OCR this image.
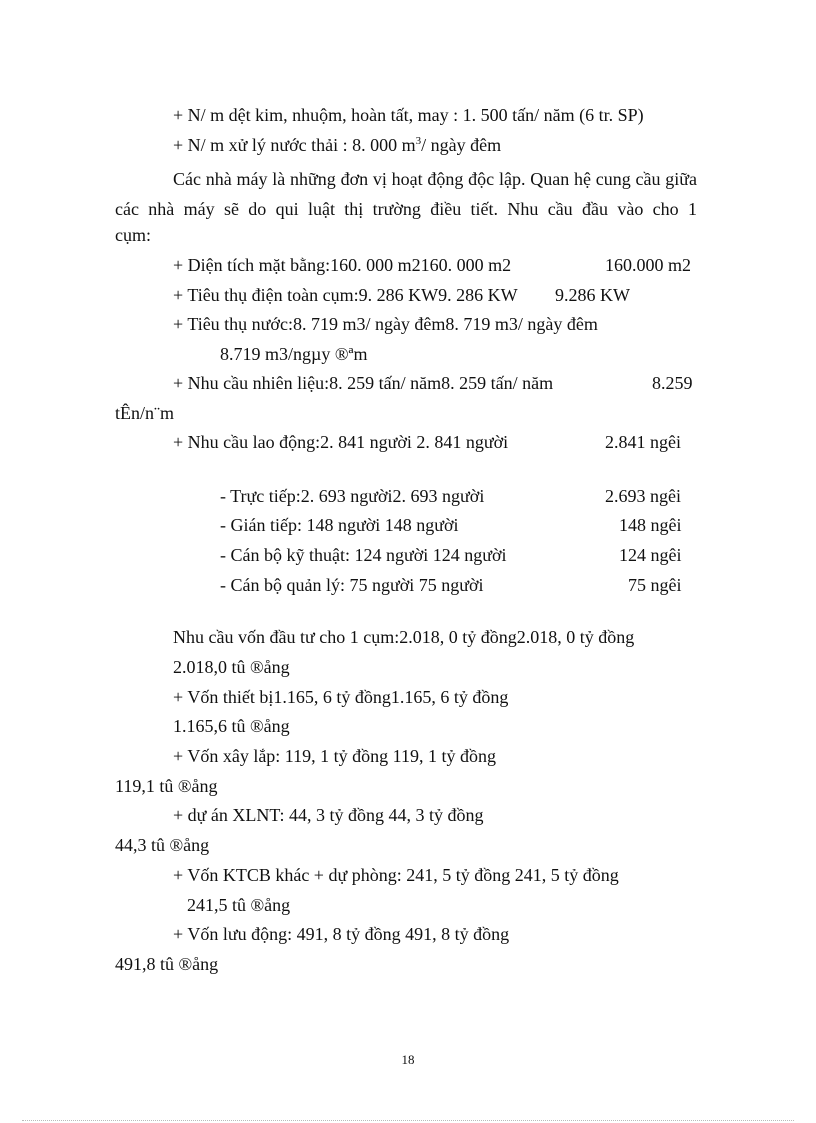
+ N/ m dệt kim, nhuộm, hoàn tất, may : 1. 500 tấn/ năm (6 tr. SP)
+ N/ m xử lý nước thải : 8. 000 $m^3/$ ngày đêm
Các nhà máy là những đơn vị hoạt động độc lập. Quan hệ cung cầu giữa các nhà máy sẽ do qui luật thị trường điều tiết. Nhu cầu đầu vào cho 1
cụm:
+ Diện tích mặt bằng:160. 000 m2160. 000 m2	160.000 m2
+ Tiêu thụ điện toàn cụm:9. 286 KW9. 286 KW 9.286 KW
+ Tiêu thụ nước:8. 719 m3/ ngày đêm8. 719 m3/ ngày đêm
8.719 m3/ngµy ®ªm
+ Nhu cầu nhiên liệu:8. 259 tấn/ năm8. 259 tấn/ năm	8.259
tÊn/n¨m
+ Nhu cầu lao động:2. 841 người 2. 841 người	2.841 ngêi
- Trực tiếp:2. 693 người2. 693 người	2.693 ngêi
- Gián tiếp: 148 người 148 người	148 ngêi
- Cán bộ kỹ thuật: 124 người 124 người	124 ngêi
- Cán bộ quản lý: 75 người 75 người	75 ngêi
Nhu cầu vốn đầu tư cho 1 cụm:2.018, 0 tỷ đồng2.018, 0 tỷ đồng
2.018,0 tû ®ång
+ Vốn thiết bị1.165, 6 tỷ đồng1.165, 6 tỷ đồng
1.165,6 tû ®ång
+ Vốn xây lắp: 119, 1 tỷ đồng 119, 1 tỷ đồng
119,1 tû ®ång
+ dự án XLNT: 44, 3 tỷ đồng 44, 3 tỷ đồng
44,3 tû ®ång
+ Vốn KTCB khác + dự phòng: 241, 5 tỷ đồng 241, 5 tỷ đồng
241,5 tû ®ång
+ Vốn lưu động: 491, 8 tỷ đồng 491, 8 tỷ đồng
491,8 tû ®ång
18
